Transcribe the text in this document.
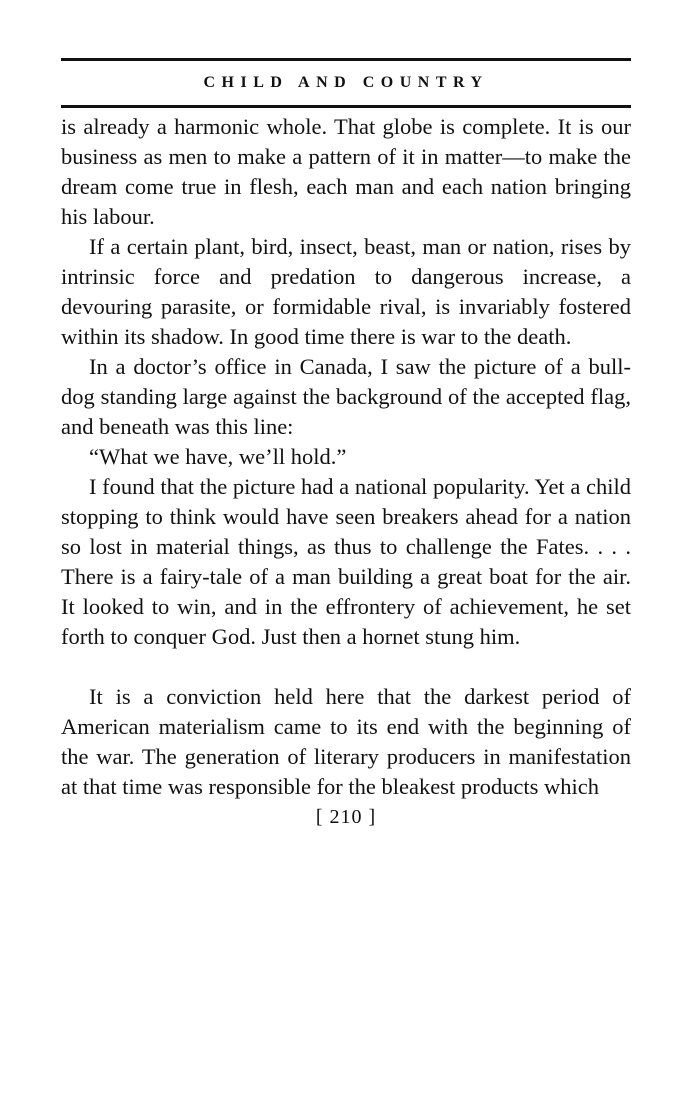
CHILD AND COUNTRY

is already a harmonic whole. That globe is complete. It is our business as men to make a pattern of it in matter—to make the dream come true in flesh, each man and each nation bringing his labour.

If a certain plant, bird, insect, beast, man or nation, rises by intrinsic force and predation to dangerous increase, a devouring parasite, or formidable rival, is invariably fostered within its shadow. In good time there is war to the death.

In a doctor’s office in Canada, I saw the picture of a bull-dog standing large against the background of the accepted flag, and beneath was this line:

“What we have, we’ll hold.”

I found that the picture had a national popularity. Yet a child stopping to think would have seen breakers ahead for a nation so lost in material things, as thus to challenge the Fates. . . . There is a fairy-tale of a man building a great boat for the air. It looked to win, and in the effrontery of achievement, he set forth to conquer God. Just then a hornet stung him.

It is a conviction held here that the darkest period of American materialism came to its end with the beginning of the war. The generation of literary producers in manifestation at that time was responsible for the bleakest products which

[ 210 ]
